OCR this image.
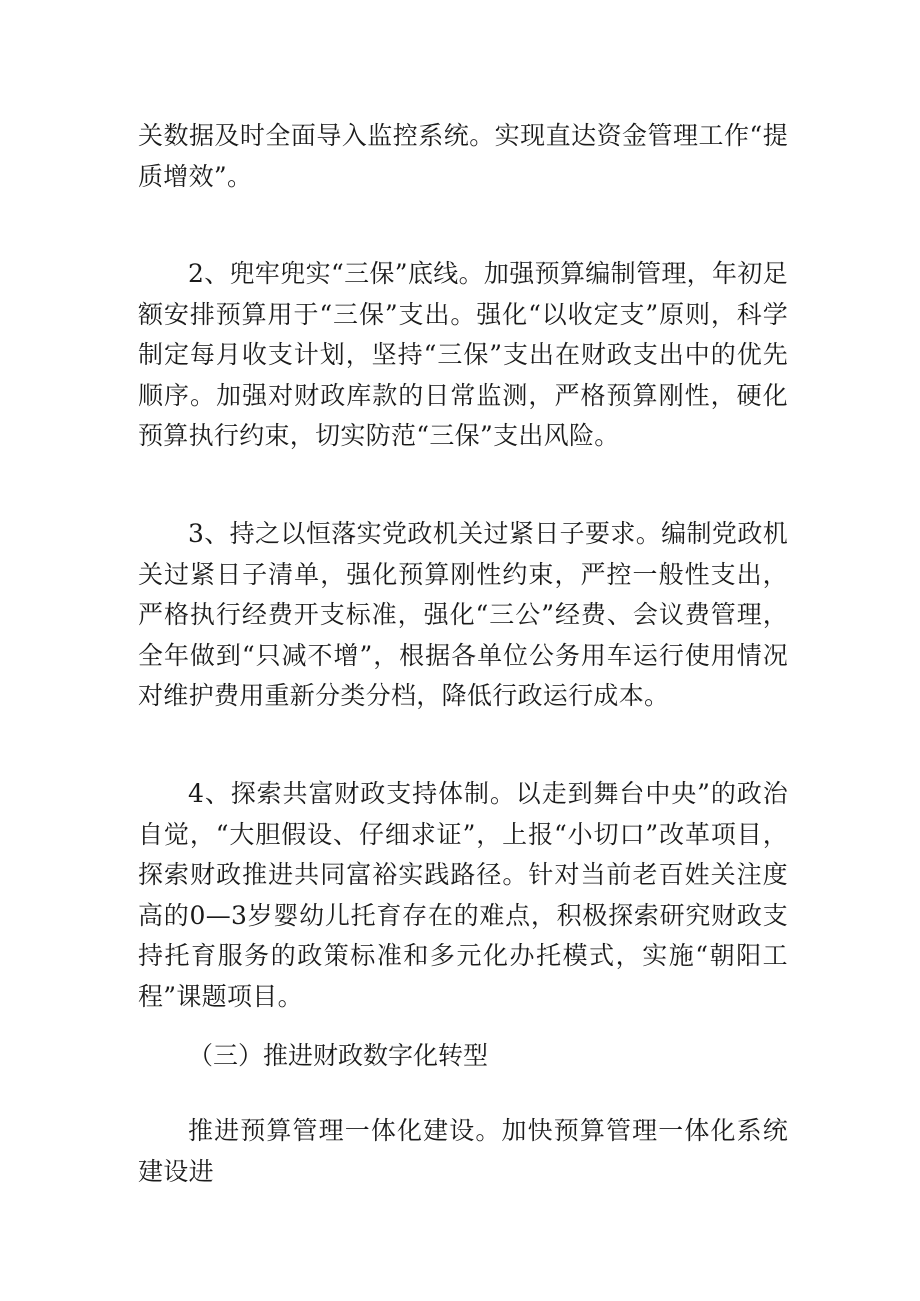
关数据及时全面导入监控系统。实现直达资金管理工作“提质增效”。

2、兜牢兜实“三保”底线。加强预算编制管理，年初足额安排预算用于“三保”支出。强化“以收定支”原则，科学制定每月收支计划，坚持“三保”支出在财政支出中的优先顺序。加强对财政库款的日常监测，严格预算刚性，硬化预算执行约束，切实防范“三保”支出风险。

3、持之以恒落实党政机关过紧日子要求。编制党政机关过紧日子清单，强化预算刚性约束，严控一般性支出，严格执行经费开支标准，强化“三公”经费、会议费管理，全年做到“只减不增”，根据各单位公务用车运行使用情况对维护费用重新分类分档，降低行政运行成本。

4、探索共富财政支持体制。以走到舞台中央”的政治自觉，“大胆假设、仔细求证”，上报“小切口”改革项目，探索财政推进共同富裕实践路径。针对当前老百姓关注度高的0—3岁婴幼儿托育存在的难点，积极探索研究财政支持托育服务的政策标准和多元化办托模式，实施“朝阳工程”课题项目。

（三）推进财政数字化转型

推进预算管理一体化建设。加快预算管理一体化系统建设进
